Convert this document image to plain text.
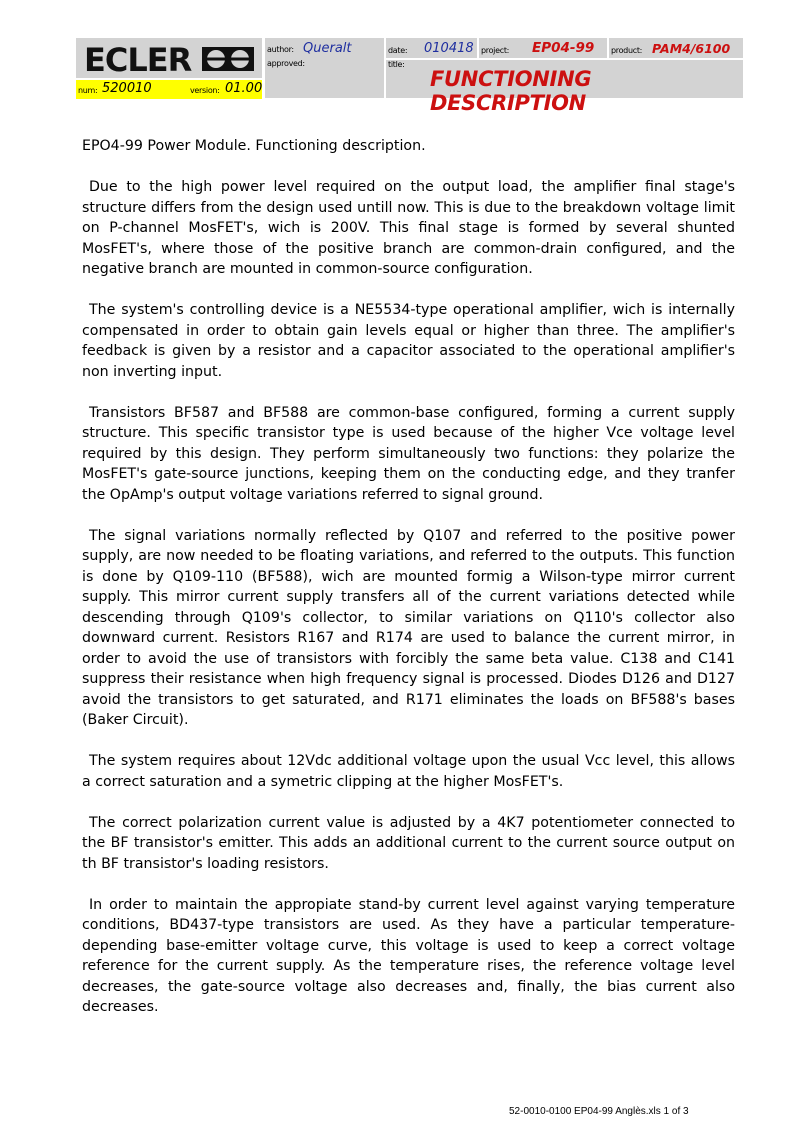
ECLER
num: 520010	version: 01.00
author: Queralt
approved:
date: 010418 project: EP04-99 product: PAM4/6100
title:
FUNCTIONING DESCRIPTION

EPO4-99 Power Module. Functioning description.

Due to the high power level required on the output load, the amplifier final stage's structure differs from the design used untill now. This is due to the breakdown voltage limit on P-channel MosFET's, wich is 200V. This final stage is formed by several shunted MosFET's, where those of the positive branch are common-drain configured, and the negative branch are mounted in common-source configuration.

The system's controlling device is a NE5534-type operational amplifier, wich is internally compensated in order to obtain gain levels equal or higher than three. The amplifier's feedback is given by a resistor and a capacitor associated to the operational amplifier's non inverting input.

Transistors BF587 and BF588 are common-base configured, forming a current supply structure. This specific transistor type is used because of the higher Vce voltage level required by this design. They perform simultaneously two functions: they polarize the MosFET's gate-source junctions, keeping them on the conducting edge, and they tranfer the OpAmp's output voltage variations referred to signal ground.

The signal variations normally reflected by Q107 and referred to the positive power supply, are now needed to be floating variations, and referred to the outputs. This function is done by Q109-110 (BF588), wich are mounted formig a Wilson-type mirror current supply. This mirror current supply transfers all of the current variations detected while descending through Q109's collector, to similar variations on Q110's collector also downward current. Resistors R167 and R174 are used to balance the current mirror, in order to avoid the use of transistors with forcibly the same beta value. C138 and C141 suppress their resistance when high frequency signal is processed. Diodes D126 and D127 avoid the transistors to get saturated, and R171 eliminates the loads on BF588's bases (Baker Circuit).

The system requires about 12Vdc additional voltage upon the usual Vcc level, this allows a correct saturation and a symetric clipping at the higher MosFET's.

The correct polarization current value is adjusted by a 4K7 potentiometer connected to the BF transistor's emitter. This adds an additional current to the current source output on th BF transistor's loading resistors.

In order to maintain the appropiate stand-by current level against varying temperature conditions, BD437-type transistors are used. As they have a particular temperature-depending base-emitter voltage curve, this voltage is used to keep a correct voltage reference for the current supply. As the temperature rises, the reference voltage level decreases, the gate-source voltage also decreases and, finally, the bias current also decreases.

52-0010-0100 EP04-99 Anglès.xls 1 of 3
